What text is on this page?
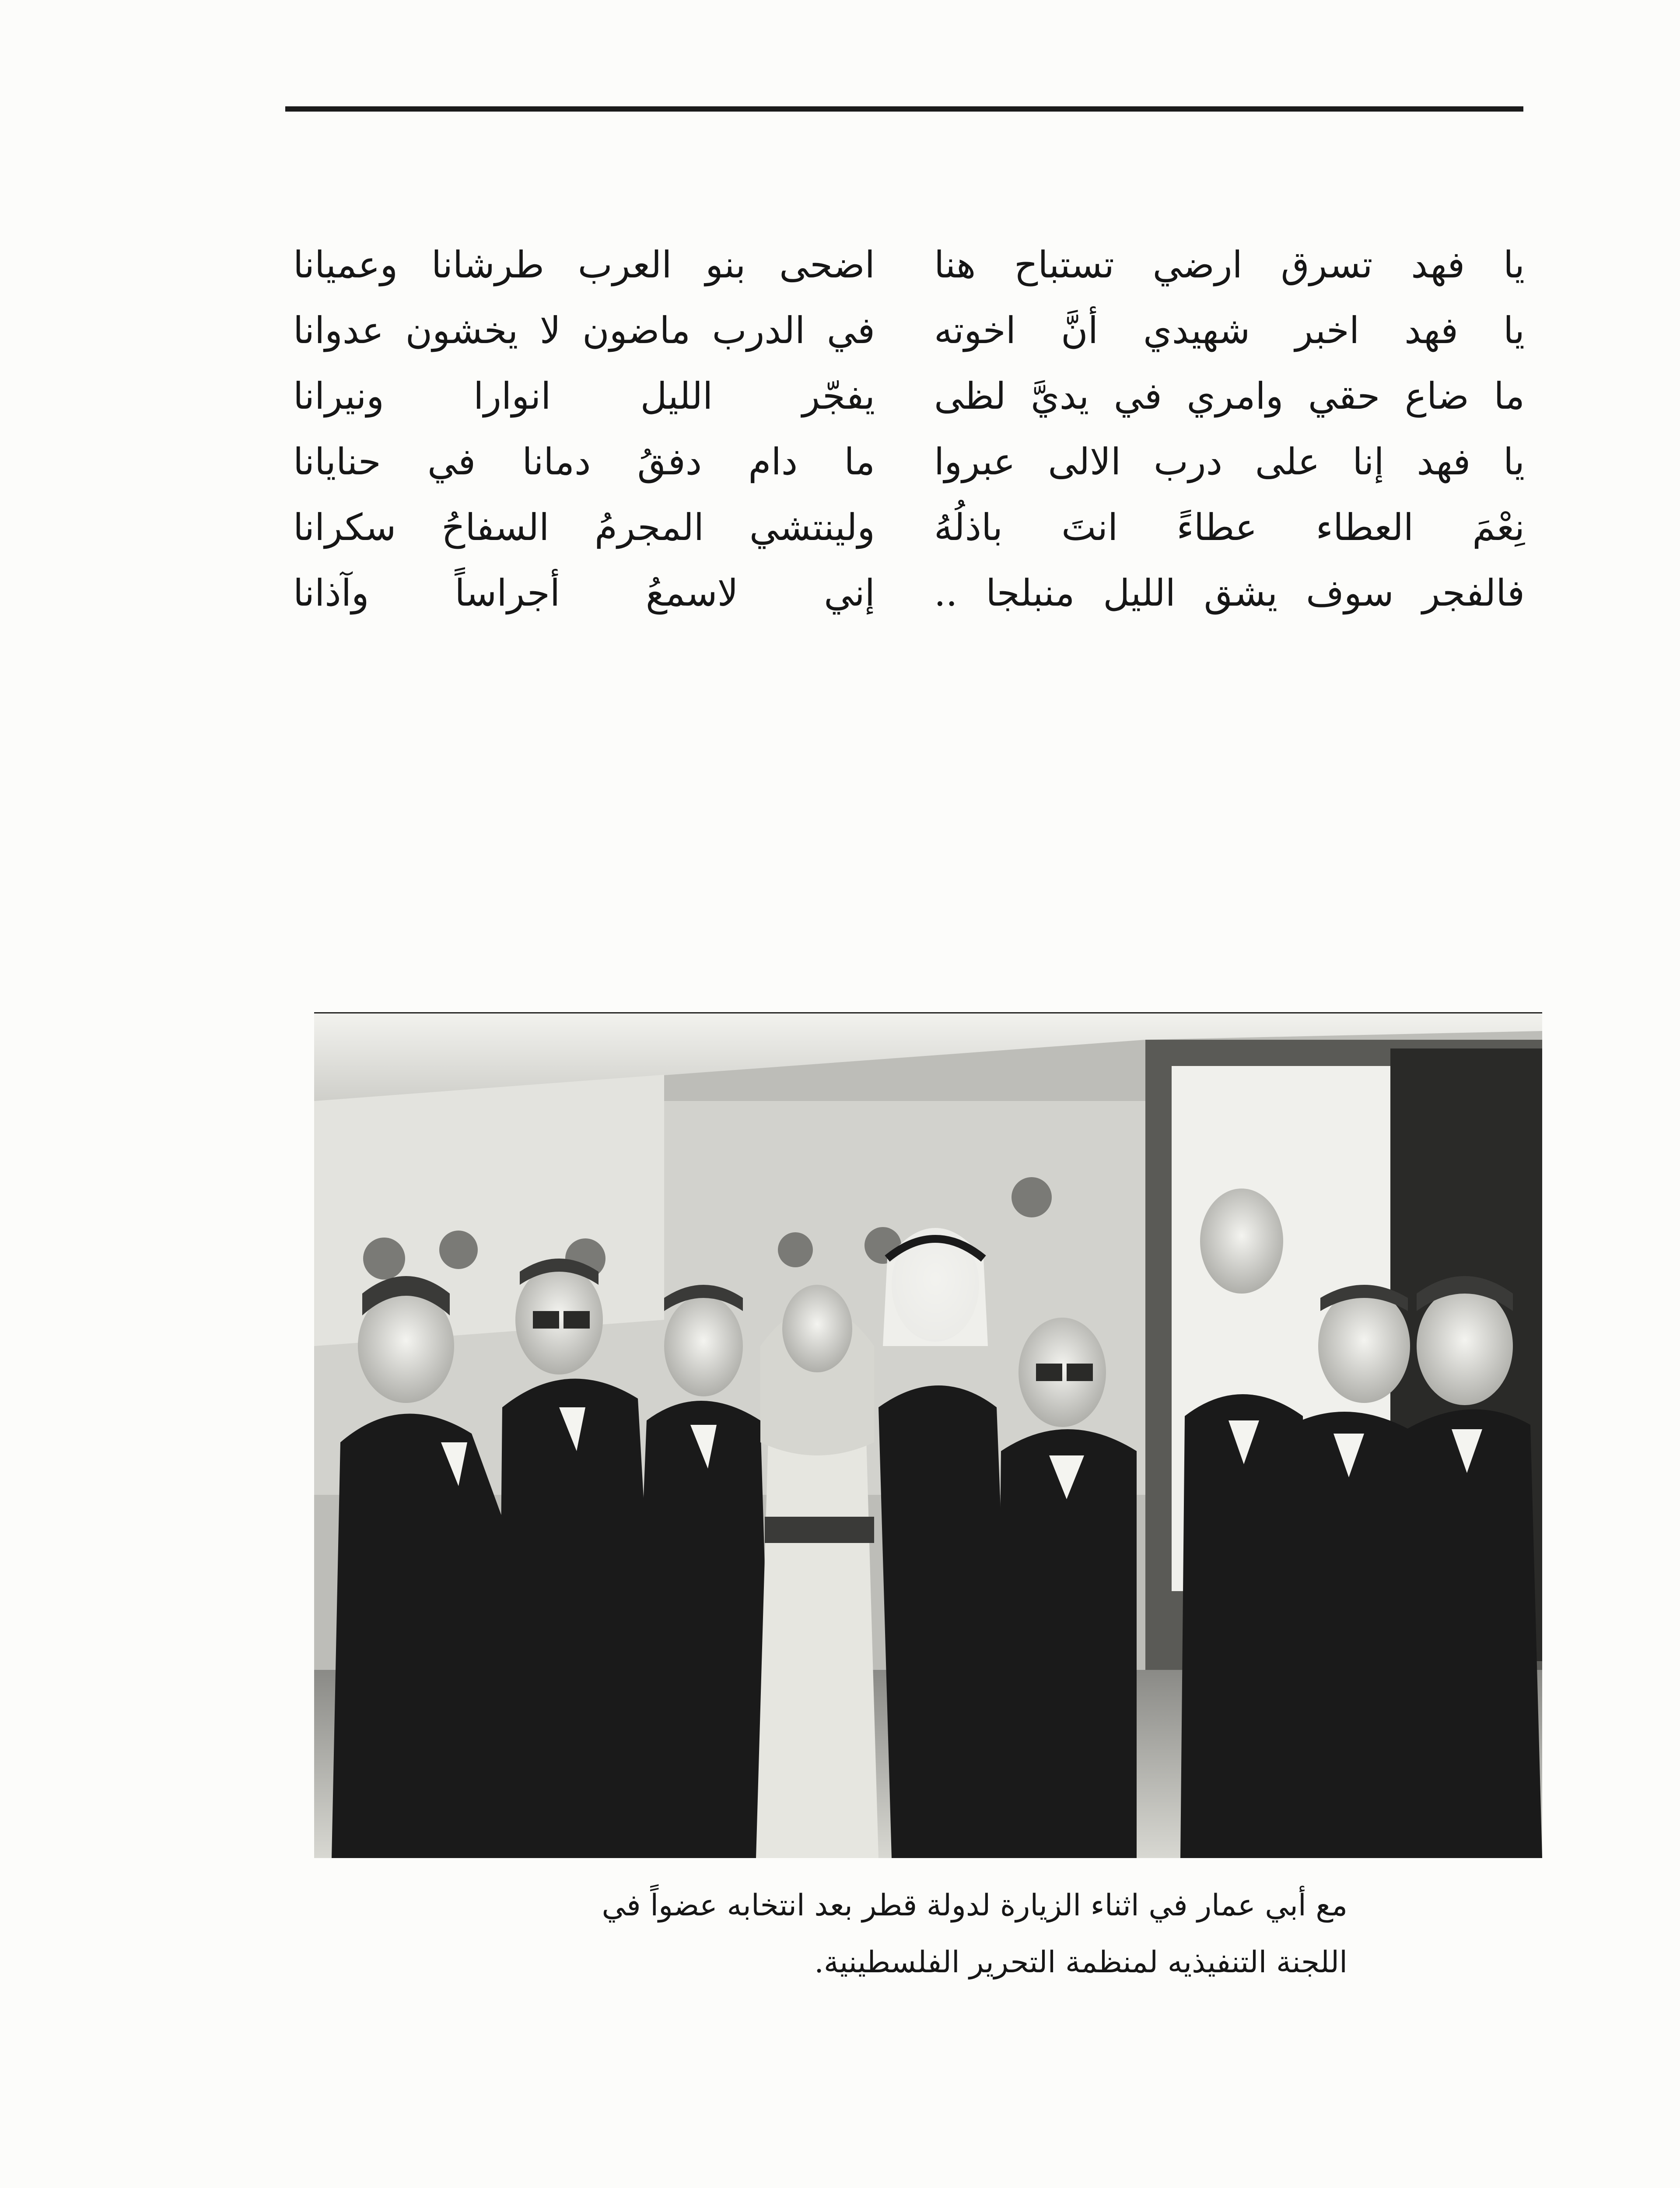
يا فهد تسرق ارضي تستباح هنا
يا فهد اخبر شهيدي أنَّ اخوته
ما ضاع حقي وامري في يديَّ لظى
يا فهد إنا على درب الالى عبروا
نِعْمَ العطاء عطاءً انتَ باذلُهُ
فالفجر سوف يشق الليل منبلجا ..
اضحى بنو العرب طرشانا وعميانا
في الدرب ماضون لا يخشون عدوانا
يفجّر الليل انوارا ونيرانا
ما دام دفقُ دمانا في حنايانا
ولينتشي المجرمُ السفاحُ سكرانا
إني لاسمعُ أجراساً وآذانا
مع أبي عمار في اثناء الزيارة لدولة قطر بعد انتخابه عضواً في
اللجنة التنفيذيه لمنظمة التحرير الفلسطينية.
